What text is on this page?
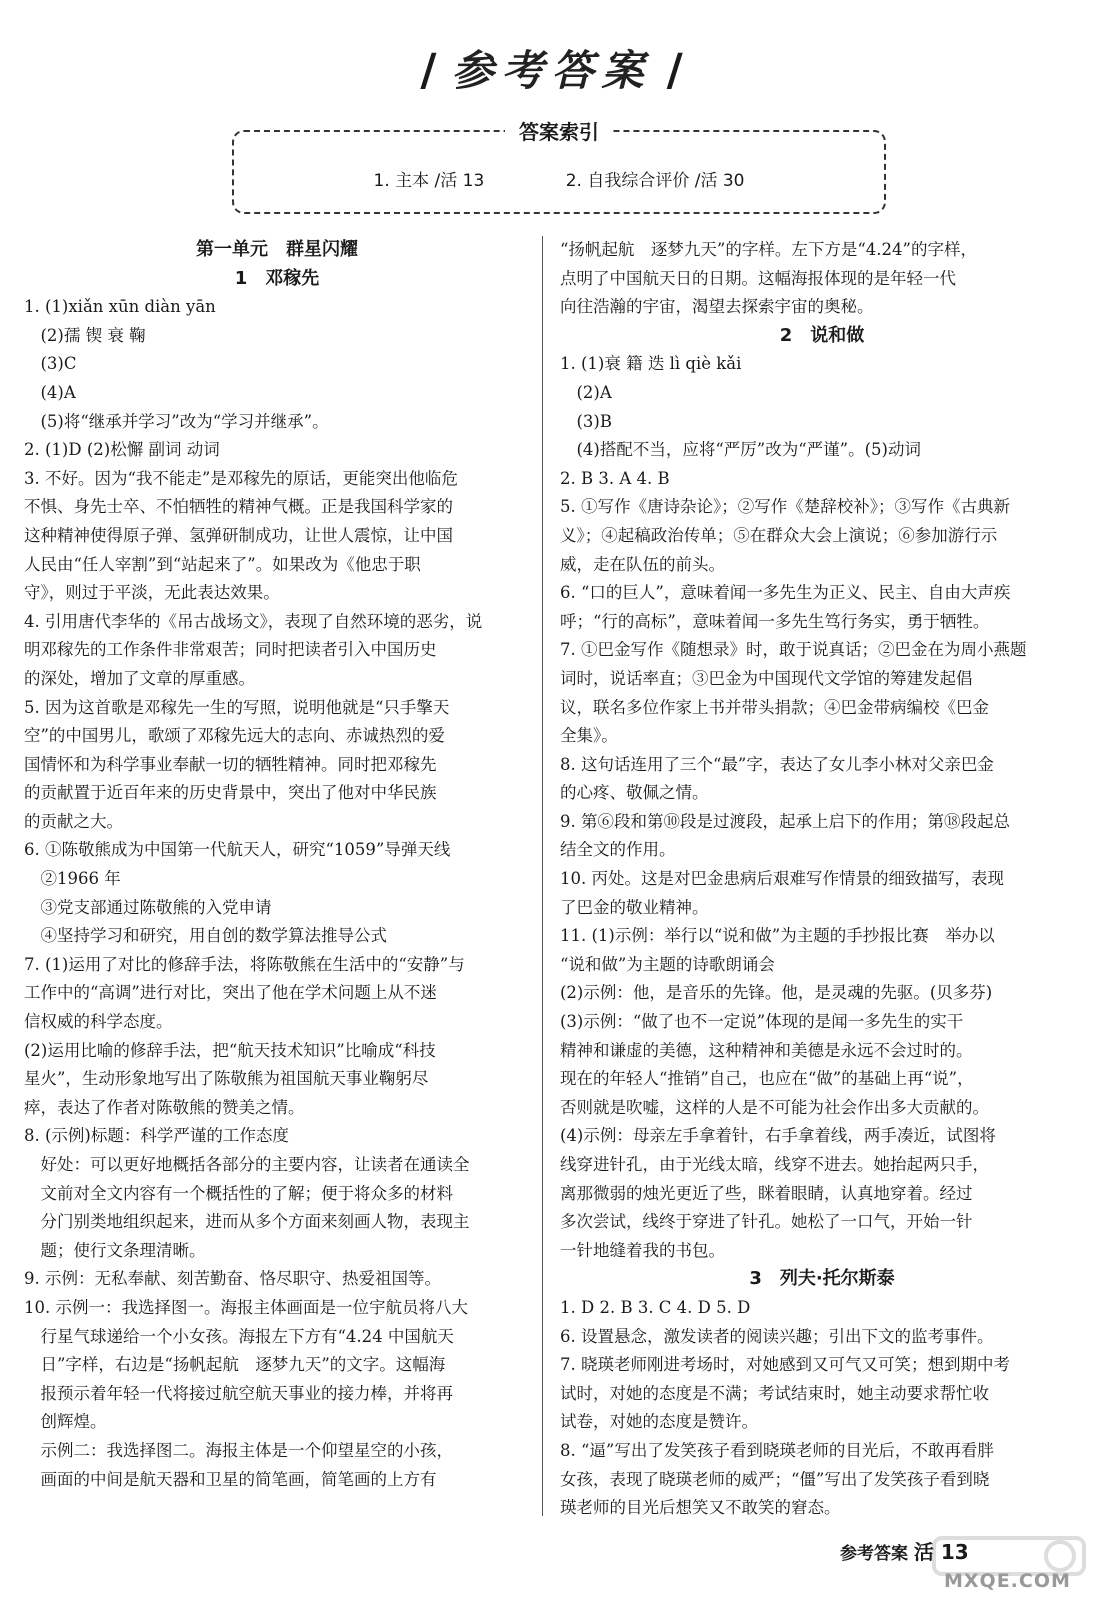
/ 参考答案 /
答案索引
1. 主本 /活 13	2. 自我综合评价 /活 30
第一单元　群星闪耀
1　邓稼先
1. (1)xiǎn xūn diàn yān
　(2)孺 锲 衰 鞠
　(3)C
　(4)A
　(5)将“继承并学习”改为“学习并继承”。
2. (1)D (2)松懈 副词 动词
3. 不好。因为“我不能走”是邓稼先的原话，更能突出他临危
不惧、身先士卒、不怕牺牲的精神气概。正是我国科学家的
这种精神使得原子弹、氢弹研制成功，让世人震惊，让中国
人民由“任人宰割”到“站起来了”。如果改为《他忠于职
守》，则过于平淡，无此表达效果。
4. 引用唐代李华的《吊古战场文》，表现了自然环境的恶劣，说
明邓稼先的工作条件非常艰苦；同时把读者引入中国历史
的深处，增加了文章的厚重感。
5. 因为这首歌是邓稼先一生的写照，说明他就是“只手擎天
空”的中国男儿，歌颂了邓稼先远大的志向、赤诚热烈的爱
国情怀和为科学事业奉献一切的牺牲精神。同时把邓稼先
的贡献置于近百年来的历史背景中，突出了他对中华民族
的贡献之大。
6. ①陈敬熊成为中国第一代航天人，研究“1059”导弹天线
　②1966 年
　③党支部通过陈敬熊的入党申请
　④坚持学习和研究，用自创的数学算法推导公式
7. (1)运用了对比的修辞手法，将陈敬熊在生活中的“安静”与
工作中的“高调”进行对比，突出了他在学术问题上从不迷
信权威的科学态度。
(2)运用比喻的修辞手法，把“航天技术知识”比喻成“科技
星火”，生动形象地写出了陈敬熊为祖国航天事业鞠躬尽
瘁，表达了作者对陈敬熊的赞美之情。
8. (示例)标题：科学严谨的工作态度
　好处：可以更好地概括各部分的主要内容，让读者在通读全
　文前对全文内容有一个概括性的了解；便于将众多的材料
　分门别类地组织起来，进而从多个方面来刻画人物，表现主
　题；使行文条理清晰。
9. 示例：无私奉献、刻苦勤奋、恪尽职守、热爱祖国等。
10. 示例一：我选择图一。海报主体画面是一位宇航员将八大
　行星气球递给一个小女孩。海报左下方有“4.24 中国航天
　日”字样，右边是“扬帆起航　逐梦九天”的文字。这幅海
　报预示着年轻一代将接过航空航天事业的接力棒，并将再
　创辉煌。
　示例二：我选择图二。海报主体是一个仰望星空的小孩，
　画面的中间是航天器和卫星的简笔画，简笔画的上方有
“扬帆起航　逐梦九天”的字样。左下方是“4.24”的字样，
点明了中国航天日的日期。这幅海报体现的是年轻一代
向往浩瀚的宇宙，渴望去探索宇宙的奥秘。
2　说和做
1. (1)衰 籍 迭 lì qiè kǎi
　(2)A
　(3)B
　(4)搭配不当，应将“严厉”改为“严谨”。(5)动词
2. B 3. A 4. B
5. ①写作《唐诗杂论》；②写作《楚辞校补》；③写作《古典新
义》；④起稿政治传单；⑤在群众大会上演说；⑥参加游行示
威，走在队伍的前头。
6. “口的巨人”，意味着闻一多先生为正义、民主、自由大声疾
呼；“行的高标”，意味着闻一多先生笃行务实，勇于牺牲。
7. ①巴金写作《随想录》时，敢于说真话；②巴金在为周小燕题
词时，说话率直；③巴金为中国现代文学馆的筹建发起倡
议，联名多位作家上书并带头捐款；④巴金带病编校《巴金
全集》。
8. 这句话连用了三个“最”字，表达了女儿李小林对父亲巴金
的心疼、敬佩之情。
9. 第⑥段和第⑩段是过渡段，起承上启下的作用；第⑱段起总
结全文的作用。
10. 丙处。这是对巴金患病后艰难写作情景的细致描写，表现
了巴金的敬业精神。
11. (1)示例：举行以“说和做”为主题的手抄报比赛　举办以
“说和做”为主题的诗歌朗诵会
(2)示例：他，是音乐的先锋。他，是灵魂的先驱。(贝多芬)
(3)示例：“做了也不一定说”体现的是闻一多先生的实干
精神和谦虚的美德，这种精神和美德是永远不会过时的。
现在的年轻人“推销”自己，也应在“做”的基础上再“说”，
否则就是吹嘘，这样的人是不可能为社会作出多大贡献的。
(4)示例：母亲左手拿着针，右手拿着线，两手凑近，试图将
线穿进针孔，由于光线太暗，线穿不进去。她抬起两只手，
离那微弱的烛光更近了些，眯着眼睛，认真地穿着。经过
多次尝试，线终于穿进了针孔。她松了一口气，开始一针
一针地缝着我的书包。
3　列夫·托尔斯泰
1. D 2. B 3. C 4. D 5. D
6. 设置悬念，激发读者的阅读兴趣；引出下文的监考事件。
7. 晓瑛老师刚进考场时，对她感到又可气又可笑；想到期中考
试时，对她的态度是不满；考试结束时，她主动要求帮忙收
试卷，对她的态度是赞许。
8. “逼”写出了发笑孩子看到晓瑛老师的目光后，不敢再看胖
女孩，表现了晓瑛老师的威严；“僵”写出了发笑孩子看到晓
瑛老师的目光后想笑又不敢笑的窘态。
参考答案 活 13
MXQE.COM
